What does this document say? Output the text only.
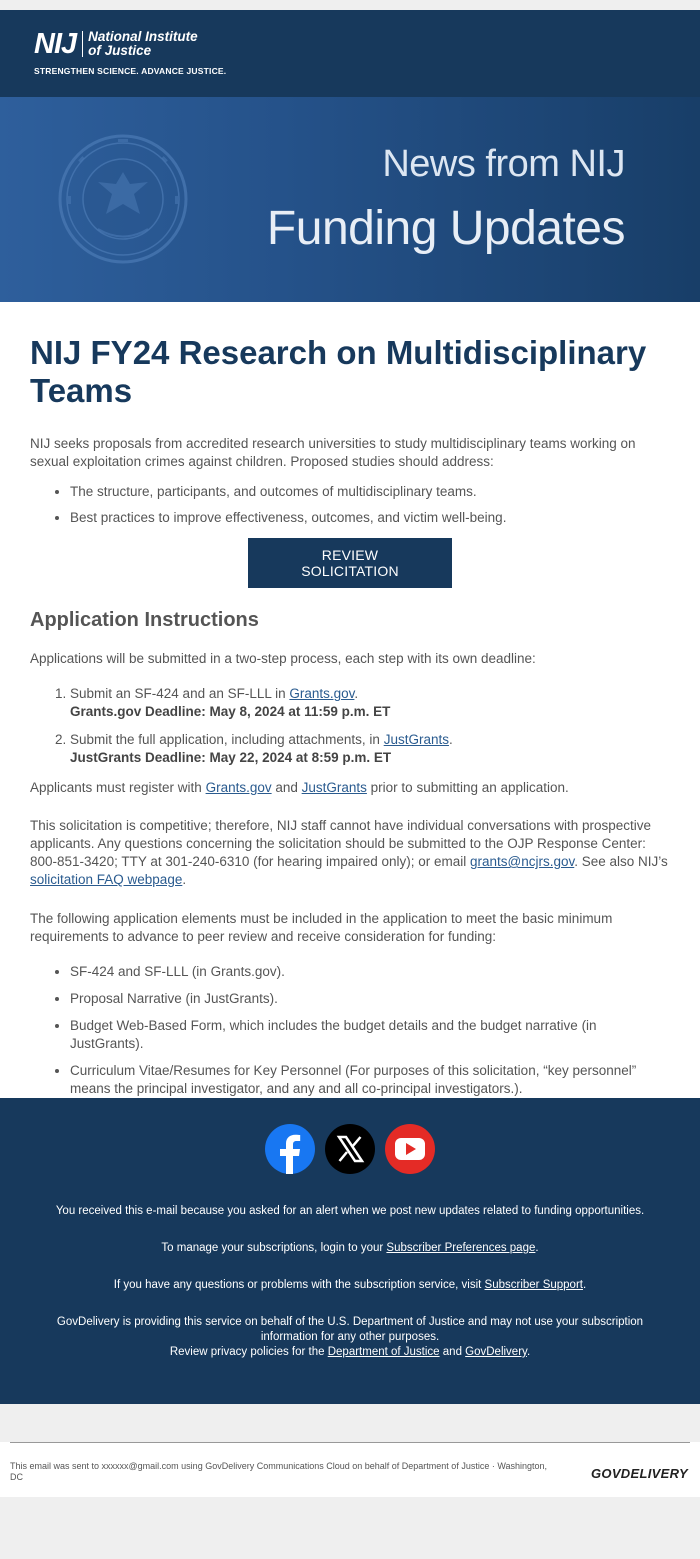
NIJ National Institute
of Justice
STRENGTHEN SCIENCE. ADVANCE JUSTICE.
News from NIJ
Funding Updates
NIJ FY24 Research on Multidisciplinary Teams

NIJ seeks proposals from accredited research universities to study multidisciplinary teams working on sexual exploitation crimes against children. Proposed studies should address:

• The structure, participants, and outcomes of multidisciplinary teams.
• Best practices to improve effectiveness, outcomes, and victim well-being.
REVIEW SOLICITATION
Application Instructions

Applications will be submitted in a two-step process, each step with its own deadline:

1. Submit an SF-424 and an SF-LLL in Grants.gov.
Grants.gov Deadline: May 8, 2024 at 11:59 p.m. ET
2. Submit the full application, including attachments, in JustGrants.
JustGrants Deadline: May 22, 2024 at 8:59 p.m. ET

Applicants must register with Grants.gov and JustGrants prior to submitting an application.

This solicitation is competitive; therefore, NIJ staff cannot have individual conversations with prospective applicants. Any questions concerning the solicitation should be submitted to the OJP Response Center: 800-851-3420; TTY at 301-240-6310 (for hearing impaired only); or email grants@ncjrs.gov. See also NIJ’s solicitation FAQ webpage.

The following application elements must be included in the application to meet the basic minimum requirements to advance to peer review and receive consideration for funding:

• SF-424 and SF-LLL (in Grants.gov).
• Proposal Narrative (in JustGrants).
• Budget Web-Based Form, which includes the budget details and the budget narrative (in JustGrants).
• Curriculum Vitae/Resumes for Key Personnel (For purposes of this solicitation, “key personnel” means the principal investigator, and any and all co-principal investigators.).

You received this e-mail because you asked for an alert when we post new updates related to funding opportunities.

To manage your subscriptions, login to your Subscriber Preferences page.

If you have any questions or problems with the subscription service, visit Subscriber Support.

GovDelivery is providing this service on behalf of the U.S. Department of Justice and may not use your subscription information for any other purposes.
Review privacy policies for the Department of Justice and GovDelivery.

This email was sent to xxxxxx@gmail.com using GovDelivery Communications Cloud on behalf of Department of Justice · Washington, DC	GOVDELIVERY
